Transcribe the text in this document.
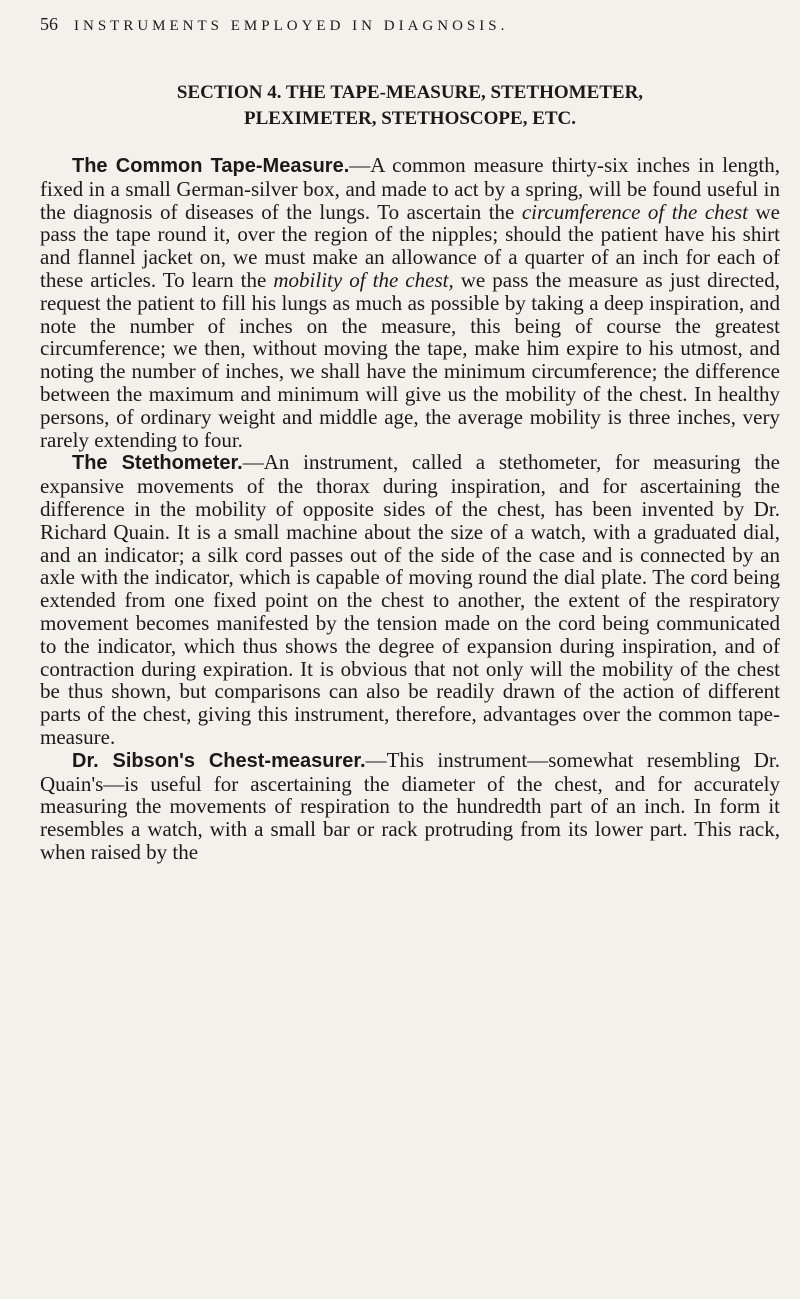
56 INSTRUMENTS EMPLOYED IN DIAGNOSIS.
SECTION 4. THE TAPE-MEASURE, STETHOMETER,
PLEXIMETER, STETHOSCOPE, ETC.

The Common Tape-Measure.—A common measure thirty-six inches in length, fixed in a small German-silver box, and made to act by a spring, will be found useful in the diagnosis of diseases of the lungs. To ascertain the circumference of the chest we pass the tape round it, over the region of the nipples; should the patient have his shirt and flannel jacket on, we must make an allowance of a quarter of an inch for each of these articles. To learn the mobility of the chest, we pass the measure as just directed, request the patient to fill his lungs as much as possible by taking a deep inspiration, and note the number of inches on the measure, this being of course the greatest circumference; we then, without moving the tape, make him expire to his utmost, and noting the number of inches, we shall have the minimum circumference; the difference between the maximum and minimum will give us the mobility of the chest. In healthy persons, of ordinary weight and middle age, the average mobility is three inches, very rarely extending to four.

The Stethometer.—An instrument, called a stethometer, for measuring the expansive movements of the thorax during inspiration, and for ascertaining the difference in the mobility of opposite sides of the chest, has been invented by Dr. Richard Quain. It is a small machine about the size of a watch, with a graduated dial, and an indicator; a silk cord passes out of the side of the case and is connected by an axle with the indicator, which is capable of moving round the dial plate. The cord being extended from one fixed point on the chest to another, the extent of the respiratory movement becomes manifested by the tension made on the cord being communicated to the indicator, which thus shows the degree of expansion during inspiration, and of contraction during expiration. It is obvious that not only will the mobility of the chest be thus shown, but comparisons can also be readily drawn of the action of different parts of the chest, giving this instrument, therefore, advantages over the common tape-measure.

Dr. Sibson's Chest-measurer.—This instrument—somewhat resembling Dr. Quain's—is useful for ascertaining the diameter of the chest, and for accurately measuring the movements of respiration to the hundredth part of an inch. In form it resembles a watch, with a small bar or rack protruding from its lower part. This rack, when raised by the
